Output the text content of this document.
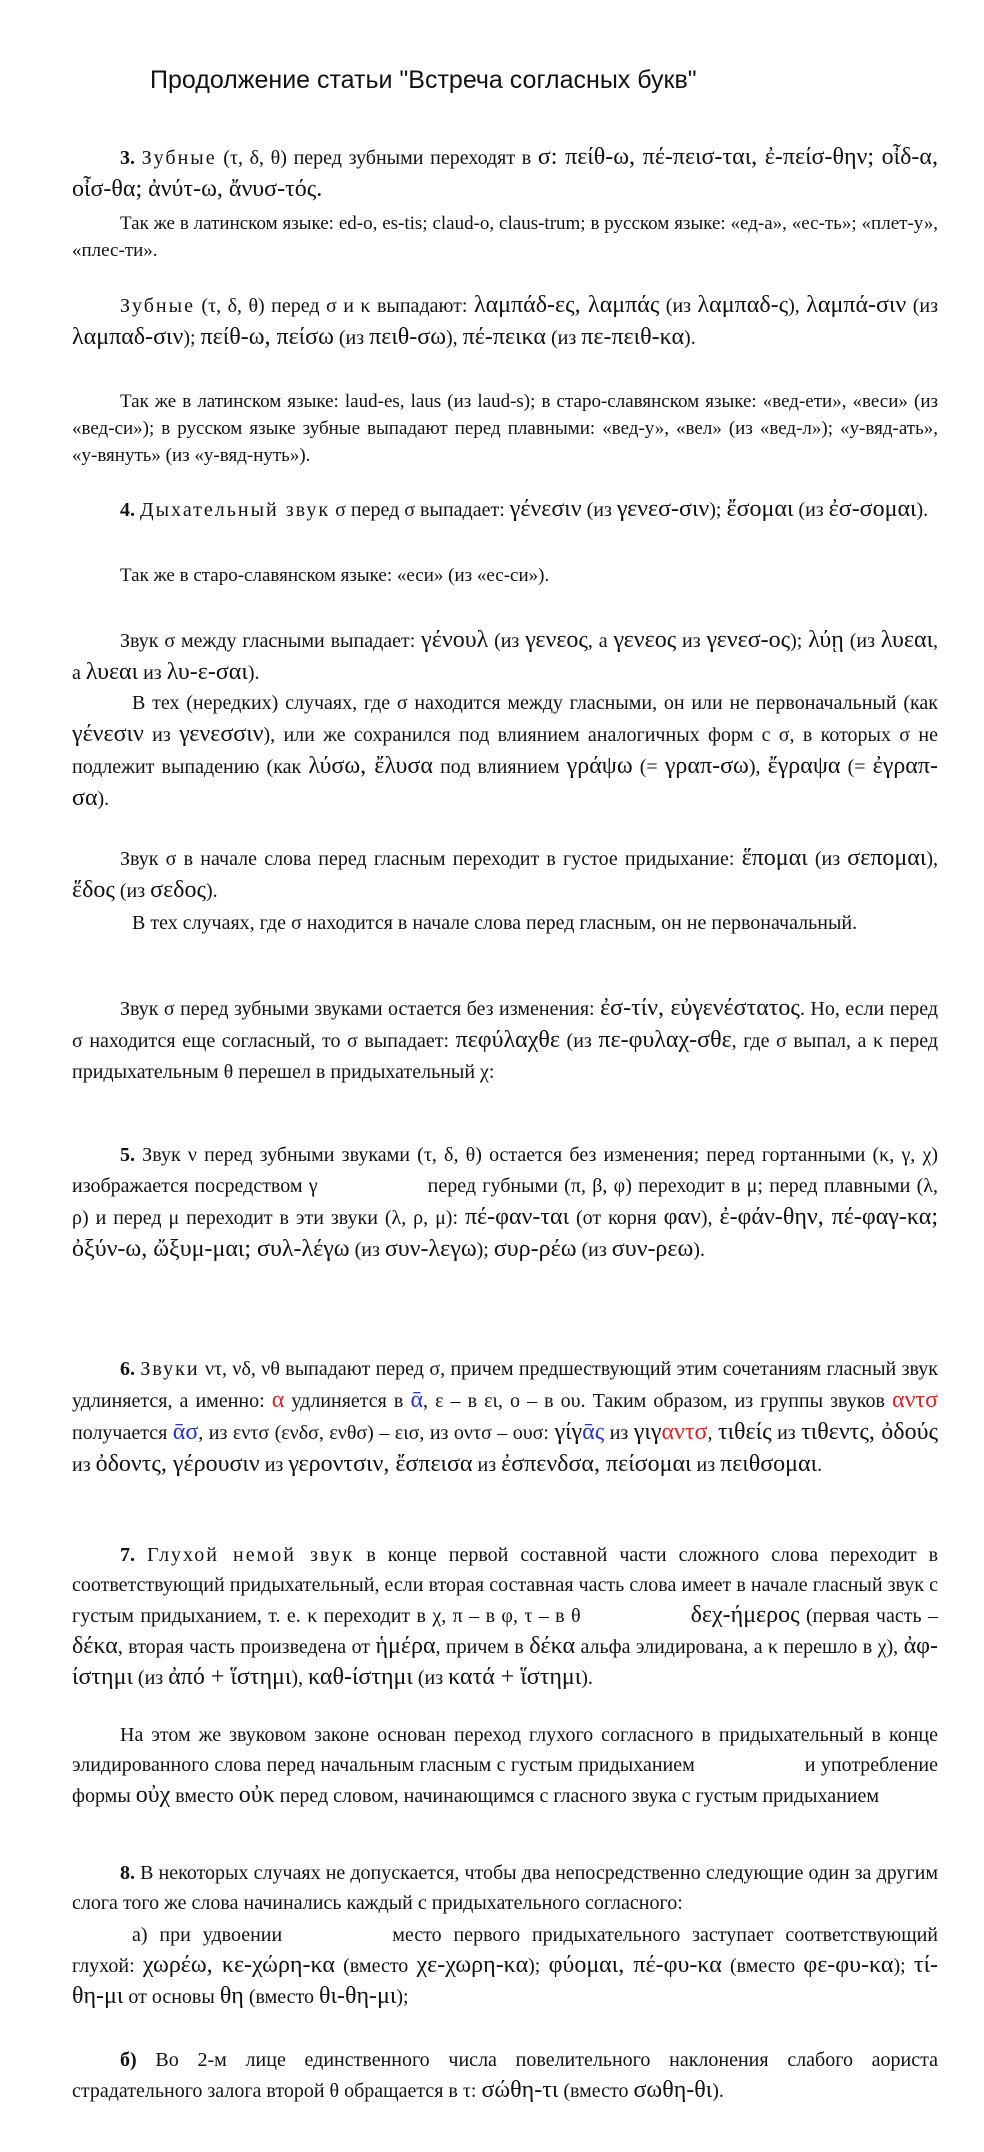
Продолжение статьи "Встреча согласных букв"
3. Зубные (τ, δ, θ) перед зубными переходят в σ: πείθ-ω, πέ-πεισ-ται, ἐ-πείσ-θην; οἶδ-α, οἶσ-θα; ἀνύτ-ω, ἄνυσ-τός.
Так же в латинском языке: ed-o, es-tis; claud-o, claus-trum; в русском языке: «ед-а», «ес-ть»; «плет-у», «плес-ти».
Зубные (τ, δ, θ) перед σ и κ выпадают: λαμπάδ-ες, λαμπάς (из λαμπαδ-ς), λαμπά-σιν (из λαμπαδ-σιν); πείθ-ω, πείσω (из πειθ-σω), πέ-πεικα (из πε-πειθ-κα).
Так же в латинском языке: laud-es, laus (из laud-s); в старо-славянском языке: «вед-ети», «веси» (из «вед-си»); в русском языке зубные выпадают перед плавными: «вед-у», «вел» (из «вед-л»); «у-вяд-ать», «у-вянуть» (из «у-вяд-нуть»).
4. Дыхательный звук σ перед σ выпадает: γένεσιν (из γενεσ-σιν); ἔσομαι (из ἐσ-σομαι).
Так же в старо-славянском языке: «еси» (из «ес-си»).
Звук σ между гласными выпадает: γένουλ (из γενεος, а γενεος из γενεσ-ος); λύῃ (из λυεαι, а λυεαι из λυ-ε-σαι).
В тех (нередких) случаях, где σ находится между гласными, он или не первоначальный (как γένεσιν из γενεσσιν), или же сохранился под влиянием аналогичных форм с σ, в которых σ не подлежит выпадению (как λύσω, ἔλυσα под влиянием γράψω (= γραπ-σω), ἔγραψα (= ἐγραπ-σα).
Звук σ в начале слова перед гласным переходит в густое придыхание: ἕπομαι (из σεπομαι), ἕδος (из σεδος).
В тех случаях, где σ находится в начале слова перед гласным, он не первоначальный.
Звук σ перед зубными звуками остается без изменения: ἐσ-τίν, εὐγενέστατος. Но, если перед σ находится еще согласный, то σ выпадает: πεφύλαχθε (из πε-φυλαχ-σθε, где σ выпал, а κ перед придыхательным θ перешел в придыхательный χ:
5. Звук ν перед зубными звуками (τ, δ, θ) остается без изменения; перед гортанными (κ, γ, χ) изображается посредством γ	перед губными (π, β, φ) переходит в μ; перед плавными (λ, ρ) и перед μ переходит в эти звуки (λ, ρ, μ): πέ-φαν-ται (от корня φαν), ἐ-φάν-θην, πέ-φαγ-κα; ὀξύν-ω, ὤξυμ-μαι; συλ-λέγω (из συν-λεγω); συρ-ρέω (из συν-ρεω).
6. Звуки ντ, νδ, νθ выпадают перед σ, причем предшествующий этим сочетаниям гласный звук удлиняется, а именно: α удлиняется в ᾱ, ε – в ει, ο – в ου. Таким образом, из группы звуков αντσ получается ᾱσ, из εντσ (ενδσ, ενθσ) – εισ, из οντσ – ουσ: γίγᾱς из γιγαντσ, τιθείς из τιθεντς, ὀδούς из ὀδοντς, γέρουσιν из γεροντσιν, ἔσπεισα из ἐσπενδσα, πείσομαι из πειθσομαι.
7. Глухой немой звук в конце первой составной части сложного слова переходит в соответствующий придыхательный, если вторая составная часть слова имеет в начале гласный звук с густым придыханием, т. е. κ переходит в χ, π – в φ, τ – в θ	δεχ-ήμερος (первая часть – δέκα, вторая часть произведена от ἡμέρα, причем в δέκα альфа элидирована, а κ перешло в χ), ἀφ-ίστημι (из ἀπό + ἵστημι), καθ-ίστημι (из κατά + ἵστημι).
На этом же звуковом законе основан переход глухого согласного в придыхательный в конце элидированного слова перед начальным гласным с густым придыханием	и употребление формы οὐχ вместо οὐκ перед словом, начинающимся с гласного звука с густым придыханием
8. В некоторых случаях не допускается, чтобы два непосредственно следующие один за другим слога того же слова начинались каждый с придыхательного согласного:
а) при удвоении	место первого придыхательного заступает соответствующий глухой: χωρέω, κε-χώρη-κα (вместо χε-χωρη-κα); φύομαι, πέ-φυ-κα (вместо φε-φυ-κα); τί-θη-μι от основы θη (вместо θι-θη-μι);
б) Во 2-м лице единственного числа повелительного наклонения слабого аориста страдательного залога второй θ обращается в τ: σώθη-τι (вместо σωθη-θι).
